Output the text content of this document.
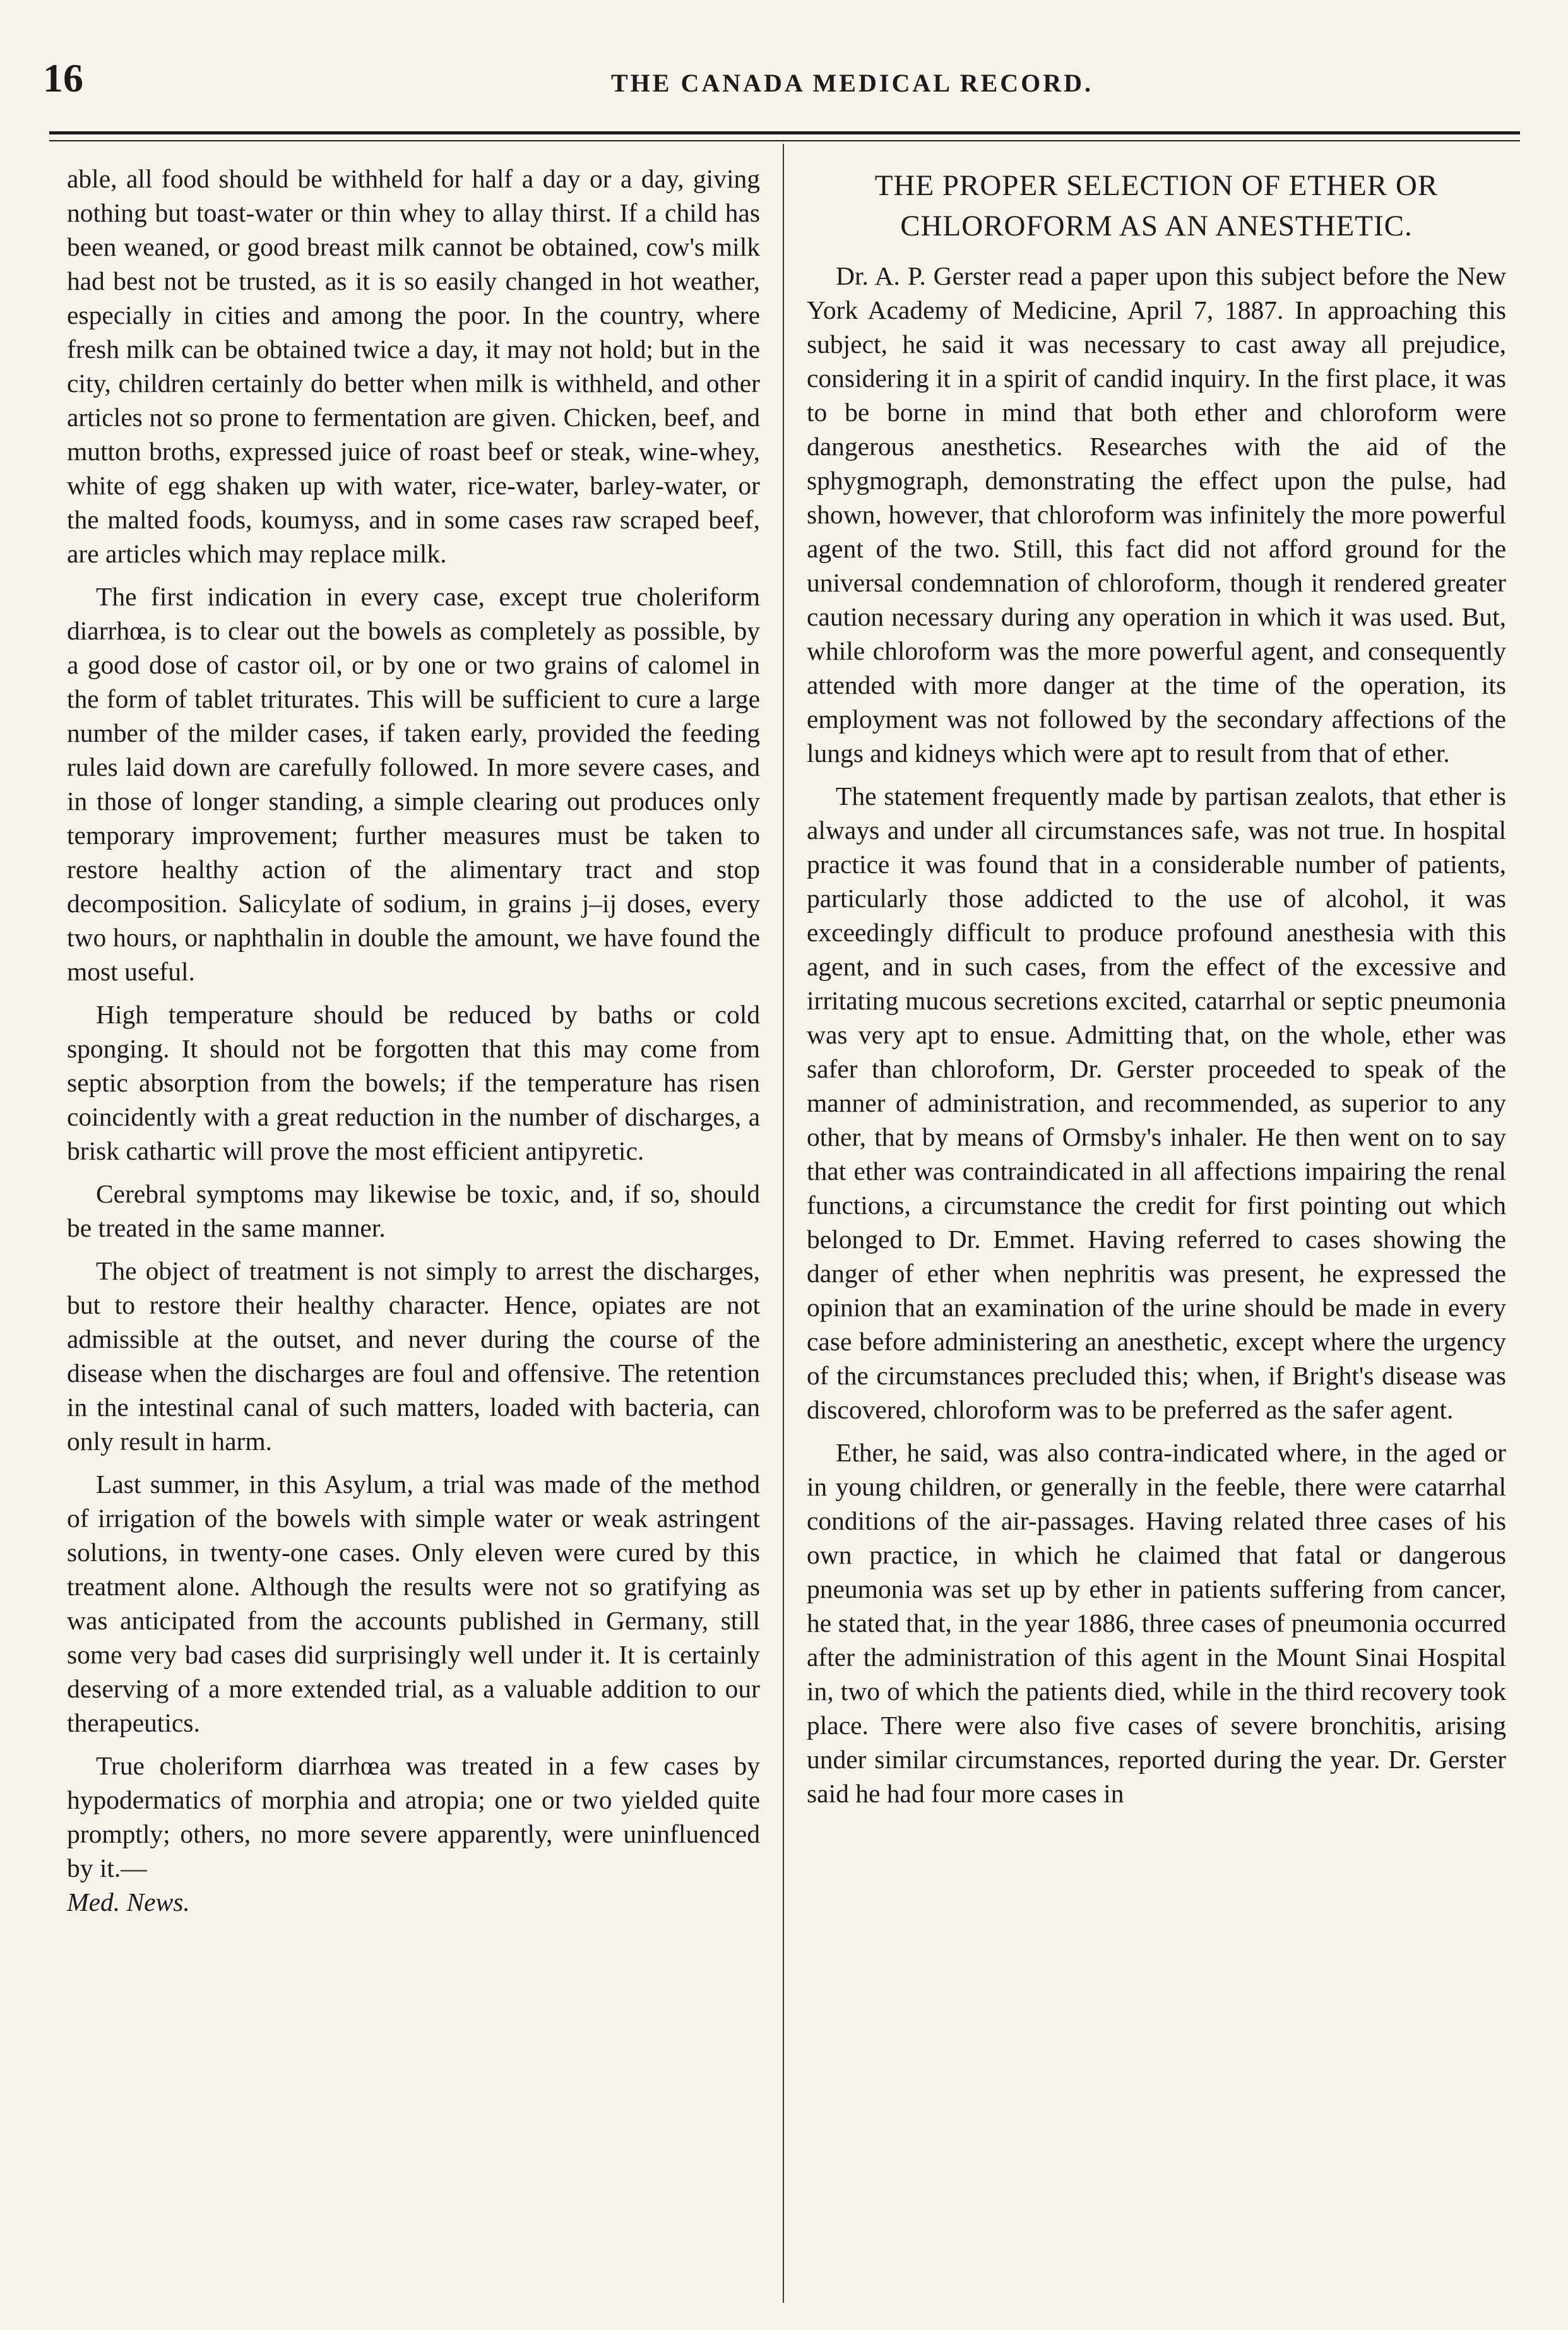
16	THE CANADA MEDICAL RECORD.

able, all food should be withheld for half a day or a day, giving nothing but toast-water or thin whey to allay thirst. If a child has been weaned, or good breast milk cannot be obtained, cow's milk had best not be trusted, as it is so easily changed in hot weather, especially in cities and among the poor. In the country, where fresh milk can be obtained twice a day, it may not hold; but in the city, children certainly do better when milk is withheld, and other articles not so prone to fermentation are given. Chicken, beef, and mutton broths, expressed juice of roast beef or steak, wine-whey, white of egg shaken up with water, rice-water, barley-water, or the malted foods, koumyss, and in some cases raw scraped beef, are articles which may replace milk.

The first indication in every case, except true choleriform diarrhœa, is to clear out the bowels as completely as possible, by a good dose of castor oil, or by one or two grains of calomel in the form of tablet triturates. This will be sufficient to cure a large number of the milder cases, if taken early, provided the feeding rules laid down are carefully followed. In more severe cases, and in those of longer standing, a simple clearing out produces only temporary improvement; further measures must be taken to restore healthy action of the alimentary tract and stop decomposition. Salicylate of sodium, in grains j–ij doses, every two hours, or naphthalin in double the amount, we have found the most useful.

High temperature should be reduced by baths or cold sponging. It should not be forgotten that this may come from septic absorption from the bowels; if the temperature has risen coincidently with a great reduction in the number of discharges, a brisk cathartic will prove the most efficient antipyretic.

Cerebral symptoms may likewise be toxic, and, if so, should be treated in the same manner.

The object of treatment is not simply to arrest the discharges, but to restore their healthy character. Hence, opiates are not admissible at the outset, and never during the course of the disease when the discharges are foul and offensive. The retention in the intestinal canal of such matters, loaded with bacteria, can only result in harm.

Last summer, in this Asylum, a trial was made of the method of irrigation of the bowels with simple water or weak astringent solutions, in twenty-one cases. Only eleven were cured by this treatment alone. Although the results were not so gratifying as was anticipated from the accounts published in Germany, still some very bad cases did surprisingly well under it. It is certainly deserving of a more extended trial, as a valuable addition to our therapeutics.

True choleriform diarrhœa was treated in a few cases by hypodermatics of morphia and atropia; one or two yielded quite promptly; others, no more severe apparently, were uninfluenced by it.—
Med. News.

THE PROPER SELECTION OF ETHER OR CHLOROFORM AS AN ANESTHETIC.

Dr. A. P. Gerster read a paper upon this subject before the New York Academy of Medicine, April 7, 1887. In approaching this subject, he said it was necessary to cast away all prejudice, considering it in a spirit of candid inquiry. In the first place, it was to be borne in mind that both ether and chloroform were dangerous anesthetics. Researches with the aid of the sphygmograph, demonstrating the effect upon the pulse, had shown, however, that chloroform was infinitely the more powerful agent of the two. Still, this fact did not afford ground for the universal condemnation of chloroform, though it rendered greater caution necessary during any operation in which it was used. But, while chloroform was the more powerful agent, and consequently attended with more danger at the time of the operation, its employment was not followed by the secondary affections of the lungs and kidneys which were apt to result from that of ether.

The statement frequently made by partisan zealots, that ether is always and under all circumstances safe, was not true. In hospital practice it was found that in a considerable number of patients, particularly those addicted to the use of alcohol, it was exceedingly difficult to produce profound anesthesia with this agent, and in such cases, from the effect of the excessive and irritating mucous secretions excited, catarrhal or septic pneumonia was very apt to ensue. Admitting that, on the whole, ether was safer than chloroform, Dr. Gerster proceeded to speak of the manner of administration, and recommended, as superior to any other, that by means of Ormsby's inhaler. He then went on to say that ether was contraindicated in all affections impairing the renal functions, a circumstance the credit for first pointing out which belonged to Dr. Emmet. Having referred to cases showing the danger of ether when nephritis was present, he expressed the opinion that an examination of the urine should be made in every case before administering an anesthetic, except where the urgency of the circumstances precluded this; when, if Bright's disease was discovered, chloroform was to be preferred as the safer agent.

Ether, he said, was also contra-indicated where, in the aged or in young children, or generally in the feeble, there were catarrhal conditions of the air-passages. Having related three cases of his own practice, in which he claimed that fatal or dangerous pneumonia was set up by ether in patients suffering from cancer, he stated that, in the year 1886, three cases of pneumonia occurred after the administration of this agent in the Mount Sinai Hospital in, two of which the patients died, while in the third recovery took place. There were also five cases of severe bronchitis, arising under similar circumstances, reported during the year. Dr. Gerster said he had four more cases in
